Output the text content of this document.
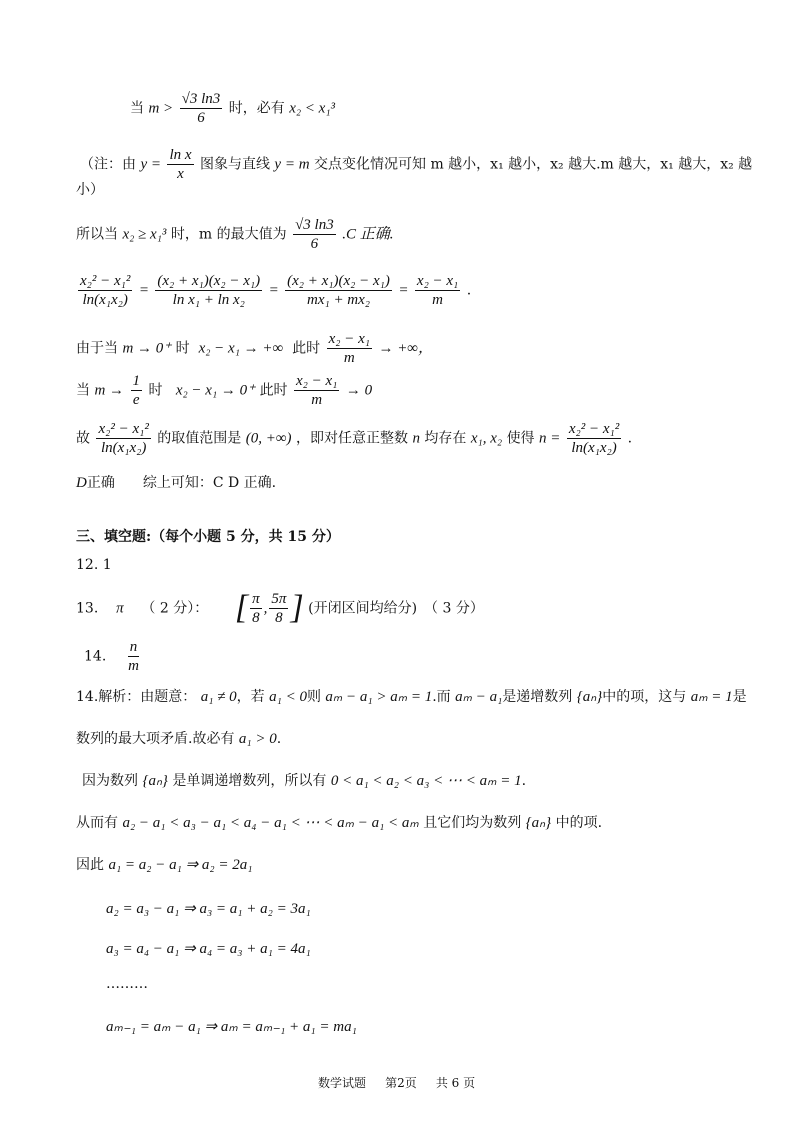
当 $m > \frac{√3 \ln 3}{6}$ 时，必有 x₂ < x₁³
（注：由 $y = \frac{\text{ln x}}{x}$ 图象与直线 y = m 交点变化情况可知 m 越小，x₁ 越小，x₂ 越大.m 越大，x₁ 越大，x₂ 越
小）
所以当 x₂ ≥ x₁³ 时，m 的最大值为 $\frac{√3 \ln 3}{6} .C$ 正确.
$\frac{\text{x₂² − x₁²}}{\text{ln(x₁x₂)}} = \frac{\text{(x₂ + x₁)(x₂ − x₁)}}{\text{ln x₁ + ln x₂}} = \frac{\text{(x₂ + x₁)(x₂ − x₁)}}{\text{mx₁ + mx₂}} = \frac{\text{x₂ − x₁}}{m}$ .
由于当 m → 0⁺ 时 x₂ − x₁ → +∞ 此时 $\frac{\text{x₂ − x₁}}{m}$ → +∞，
当 $m \to \frac{1}{e}$ 时 x₂ − x₁ → 0⁺ 此时 $\frac{\text{x₂ − x₁}}{m} \to 0$
故 $\frac{\text{x₂² − x₁²}}{\text{ln(x₁x₂)}}$ 的取值范围是 (0, +∞) ，即对任意正整数 n 均存在 x₁, x₂ 使得 $n = \frac{\text{x₂² − x₁²}}{\text{ln(x₁x₂)}}$ .
D正确　　综上可知：C D 正确.
三、填空题:（每个小题 5 分，共 15 分）
12. 1
13. π （ 2 分）： [ $\frac{\pi}{8}$ , $\frac{5\pi}{8}$ ] (开闭区间均给分)　（ 3 分）
14. $\frac{n}{m}$
14.解析：由题意： a₁ ≠ 0，若 a₁ < 0则 aₘ − a₁ > aₘ = 1.而 aₘ − a₁是递增数列 {aₙ}中的项，这与 aₘ = 1是
数列的最大项矛盾.故必有 a₁ > 0.
因为数列 {aₙ} 是单调递增数列，所以有 0 < a₁ < a₂ < a₃ < ⋯ < aₘ = 1.
从而有 a₂ − a₁ < a₃ − a₁ < a₄ − a₁ < ⋯ < aₘ − a₁ < aₘ 且它们均为数列 {aₙ} 中的项.
因此 a₁ = a₂ − a₁ ⇒ a₂ = 2a₁
a₂ = a₃ − a₁ ⇒ a₃ = a₁ + a₂ = 3a₁
a₃ = a₄ − a₁ ⇒ a₄ = a₃ + a₁ = 4a₁
………
aₘ₋₁ = aₘ − a₁ ⇒ aₘ = aₘ₋₁ + a₁ = ma₁
数学试题 第2页 共 6 页
